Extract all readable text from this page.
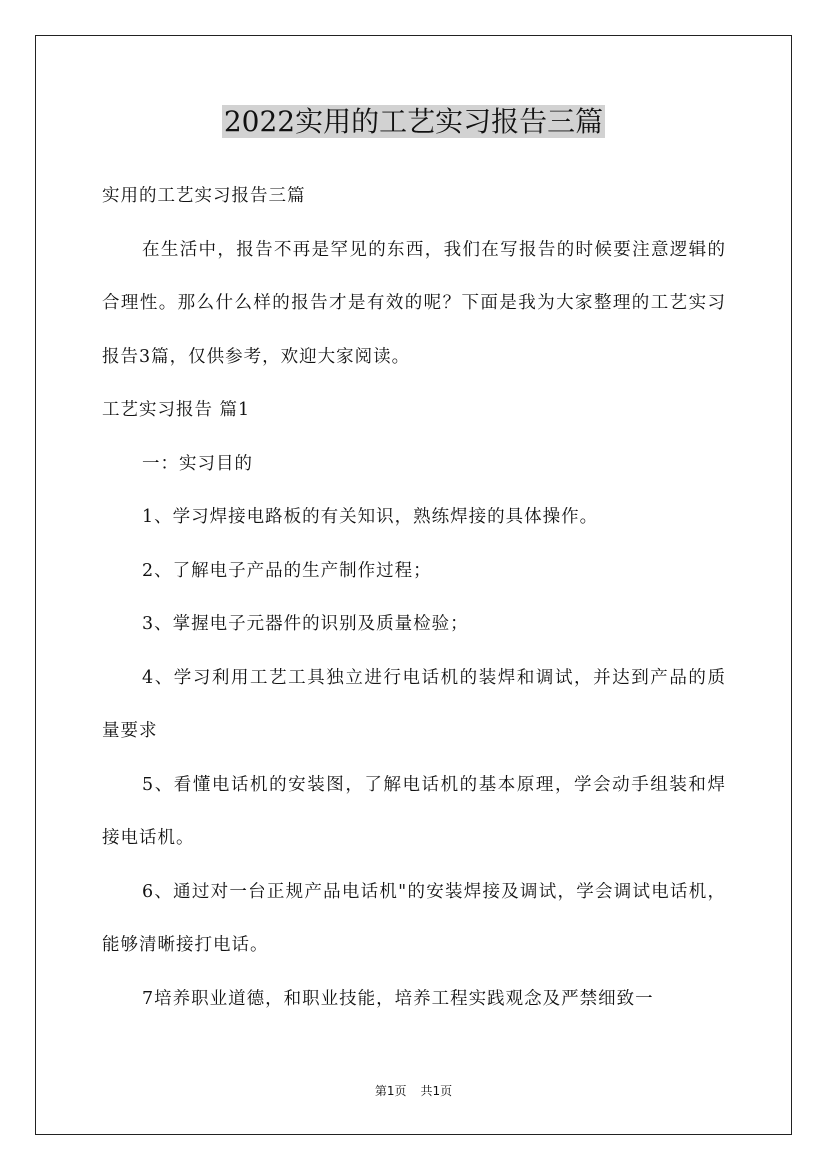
2022实用的工艺实习报告三篇

实用的工艺实习报告三篇

在生活中，报告不再是罕见的东西，我们在写报告的时候要注意逻辑的合理性。那么什么样的报告才是有效的呢？下面是我为大家整理的工艺实习报告3篇，仅供参考，欢迎大家阅读。

工艺实习报告 篇1

一：实习目的

1、学习焊接电路板的有关知识，熟练焊接的具体操作。

2、了解电子产品的生产制作过程；

3、掌握电子元器件的识别及质量检验；

4、学习利用工艺工具独立进行电话机的装焊和调试，并达到产品的质量要求

5、看懂电话机的安装图，了解电话机的基本原理，学会动手组装和焊接电话机。

6、通过对一台正规产品电话机"的安装焊接及调试，学会调试电话机，能够清晰接打电话。

7培养职业道德，和职业技能，培养工程实践观念及严禁细致一

第1页 共1页
